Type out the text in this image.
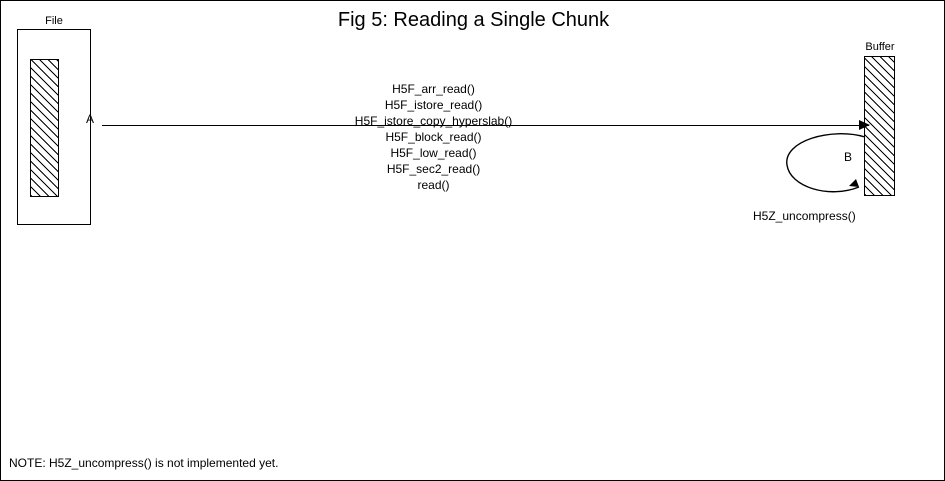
Fig 5: Reading a Single Chunk
File
Buffer
A
H5F_arr_read()
H5F_istore_read()
H5F_istore_copy_hyperslab()
H5F_block_read()
H5F_low_read()
H5F_sec2_read()
read()
B
H5Z_uncompress()
NOTE: H5Z_uncompress() is not implemented yet.
